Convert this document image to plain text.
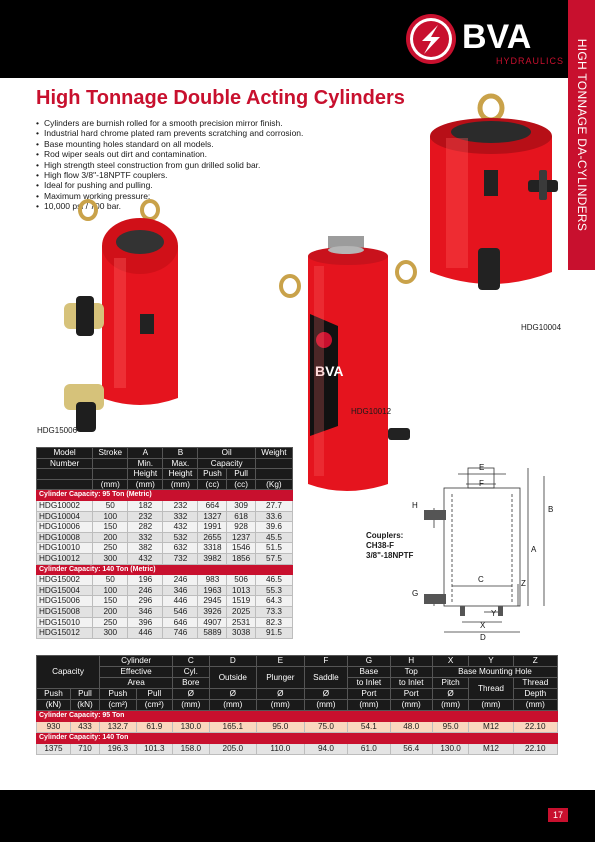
BVA
HYDRAULICS HIGH TONNAGE DA-CYLINDERS
High Tonnage Double Acting Cylinders
• Cylinders are burnish rolled for a smooth precision mirror finish.
• Industrial hard chrome plated ram prevents scratching and corrosion.
• Base mounting holes standard on all models.
• Rod wiper seals out dirt and contamination.
• High strength steel construction from gun drilled solid bar.
• High flow 3/8"-18NPTF couplers.
• Ideal for pushing and pulling.
• Maximum working pressure:
• 10,000 psi / 700 bar.
HDG10004
HDG15006
BVA
HDG10012
Model	Stroke	A	B	Oil		Weight
Number		Min.	Max.	Capacity		
		Height	Height	Push	Pull	
	(mm)	(mm)	(mm)	(cc)	(cc)	(Kg)
Cylinder Capacity: 95 Ton (Metric)						
HDG10002	50	182	232	664	309	27.7
HDG10004	100	232	332	1327	618	33.6
HDG10006	150	282	432	1991	928	39.6
HDG10008	200	332	532	2655	1237	45.5
HDG10010	250	382	632	3318	1546	51.5
HDG10012	300	432	732	3982	1856	57.5
Cylinder Capacity: 140 Ton (Metric)						
HDG15002	50	196	246	983	506	46.5
HDG15004	100	246	346	1963	1013	55.3
HDG15006	150	296	446	2945	1519	64.3
HDG15008	200	346	546	3926	2025	73.3
HDG15010	250	396	646	4907	2531	82.3
HDG15012	300	446	746	5889	3038	91.5
E
F
H	B
A
C	Z
G
Y
X
D
Couplers:
CH38-F
3/8"-18NPTF
Capacity		Cylinder		C	D	E	F	G	H	X	Y	Z
		Effective		Cyl.	Outside	Plunger	Saddle	Base	Top	Base Mounting Hole		
		Area		Bore				to Inlet	to Inlet	Pitch	Thread	Thread
Push	Pull	Push	Pull	Ø	Ø	Ø	Ø	Port	Port	Ø		Depth
(kN)	(kN)	(cm²)	(cm²)	(mm)	(mm)	(mm)	(mm)	(mm)	(mm)	(mm)	(mm)	(mm)
Cylinder Capacity: 95 Ton												
930	433	132.7	61.9	130.0	165.1	95.0	75.0	54.1	48.0	95.0	M12	22.10
Cylinder Capacity: 140 Ton												
1375	710	196.3	101.3	158.0	205.0	110.0	94.0	61.0	56.4	130.0	M12	22.10
17
